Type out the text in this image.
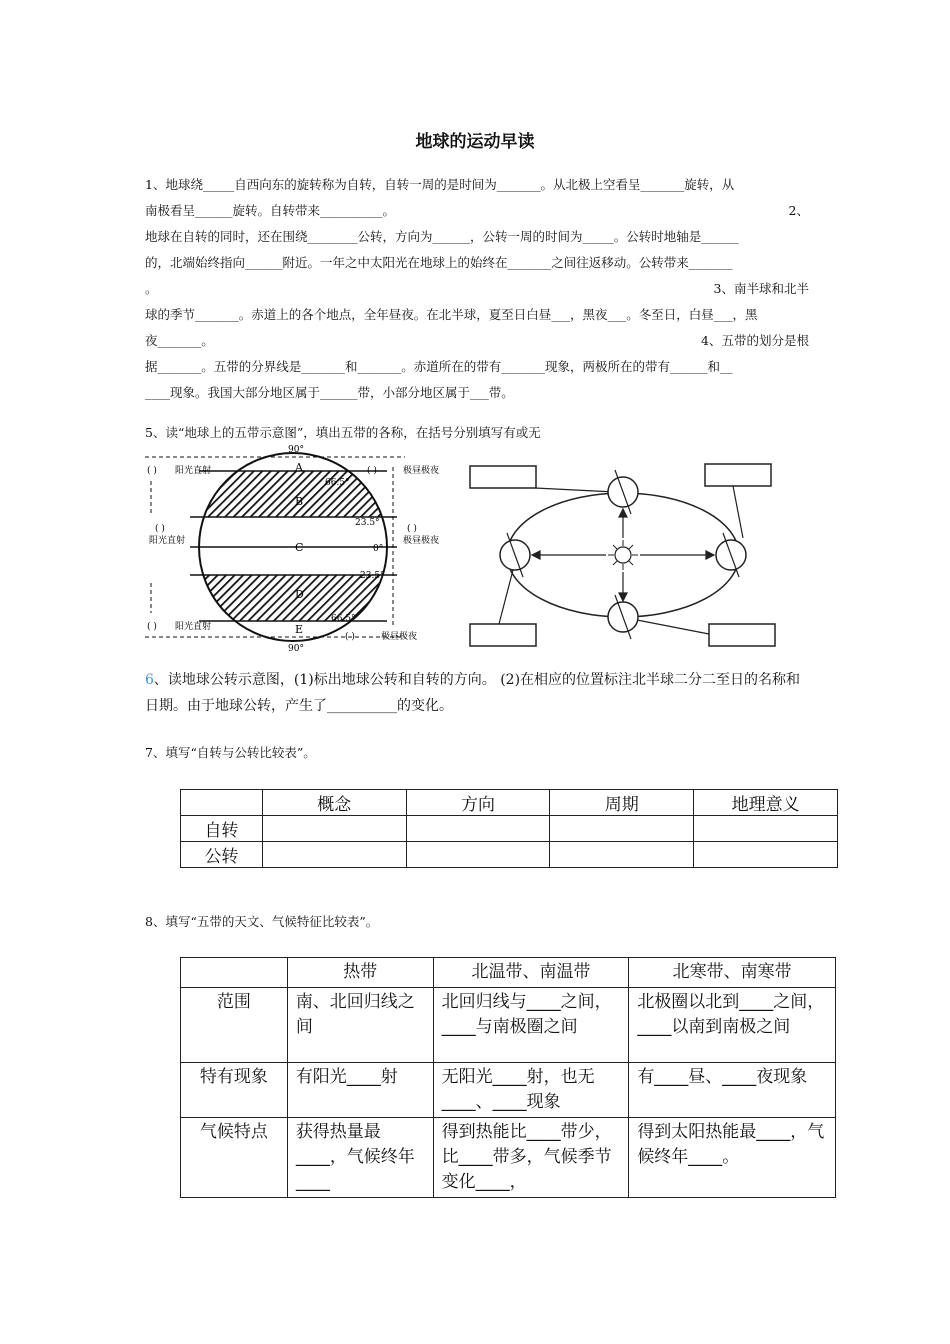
地球的运动早读
1、地球绕_____自西向东的旋转称为自转，自转一周的是时间为_______。从北极上空看呈_______旋转，从
南极看呈______旋转。自转带来__________。	2、
地球在自转的同时，还在围绕________公转，方向为______，公转一周的时间为_____。公转时地轴是______
的，北端始终指向______附近。一年之中太阳光在地球上的始终在_______之间往返移动。公转带来_______
。	3、南半球和北半
球的季节_______。赤道上的各个地点，全年昼夜。在北半球，夏至日白昼___，黑夜___。冬至日，白昼___，黑
夜_______。	4、五带的划分是根
据_______。五带的分界线是_______和_______。赤道所在的带有_______现象，两极所在的带有______和__
____现象。我国大部分地区属于______带，小部分地区属于___带。
5、读“地球上的五带示意图”，填出五带的各称，在括号分别填写有或无
90°
90°
A
B
C
D
E
66.5°
23.5°
0°
23.5°
66.5°
( ) 阳光直射
( )
阳光直射
( ) 阳光直射
( )	极昼极夜
( )
极昼极夜
( )	极昼极夜
6、读地球公转示意图，(1)标出地球公转和自转的方向。 (2)在相应的位置标注北半球二分二至日的名称和日期。由于地球公转，产生了__________的变化。
7、填写“自转与公转比较表”。
	概念	方向	周期	地理意义
自转				
公转				
8、填写“五带的天文、气候特征比较表”。
	热带	北温带、南温带	北寒带、南寒带
范围	南、北回归线之间	北回归线与____之间，____与南极圈之间	北极圈以北到____之间，____以南到南极之间
特有现象	有阳光____射	无阳光____射，也无____、____现象	有____昼、____夜现象
气候特点	获得热量最____，气候终年____	得到热能比____带少，比____带多，气候季节变化____，	得到太阳热能最____，气候终年____。
